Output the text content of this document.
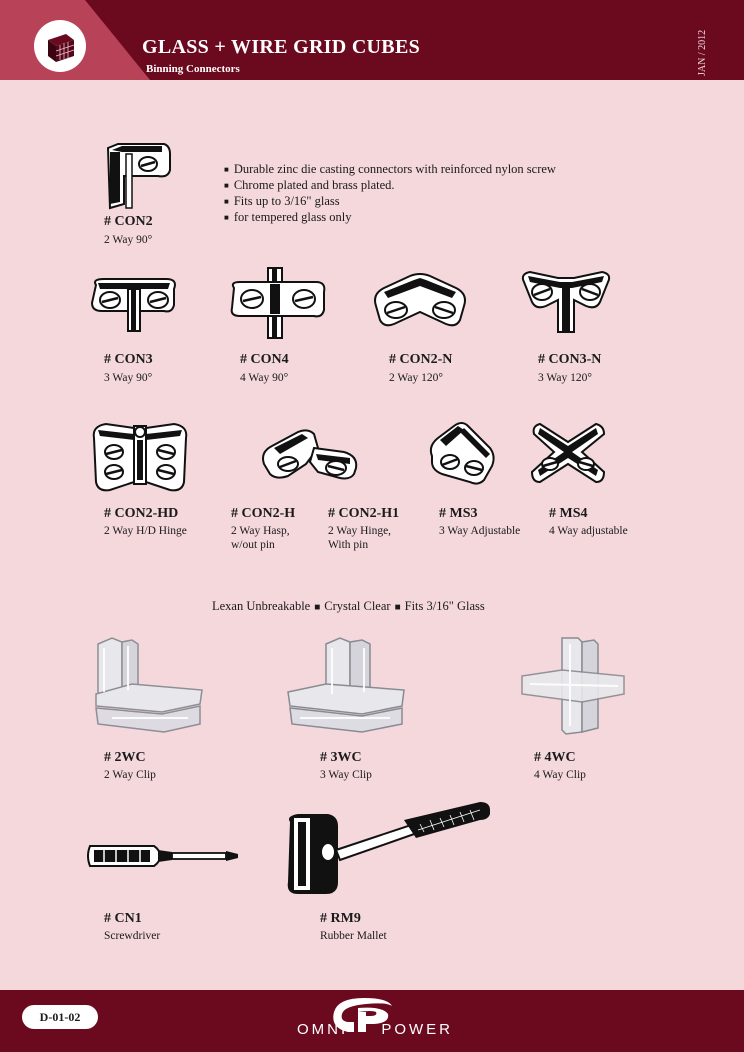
GLASS + WIRE GRID CUBES
Binning Connectors	JAN / 2012
# CON2
2 Way 90°
■ Durable zinc die casting connectors with reinforced nylon screw
■ Chrome plated and brass plated.
■ Fits up to 3/16" glass
■ for tempered glass only
# CON3
3 Way 90°
# CON4
4 Way 90°
# CON2-N
2 Way 120°
# CON3-N
3 Way 120°
# CON2-HD
2 Way H/D Hinge
# CON2-H
2 Way Hasp,
w/out pin
# CON2-H1
2 Way Hinge,
With pin
# MS3
3 Way Adjustable
# MS4
4 Way adjustable
Lexan Unbreakable ■ Crystal Clear ■ Fits 3/16" Glass
# 2WC
2 Way Clip
# 3WC
3 Way Clip
# 4WC
4 Way Clip
# CN1
Screwdriver
# RM9
Rubber Mallet
D-01-02
OMNI POWER
